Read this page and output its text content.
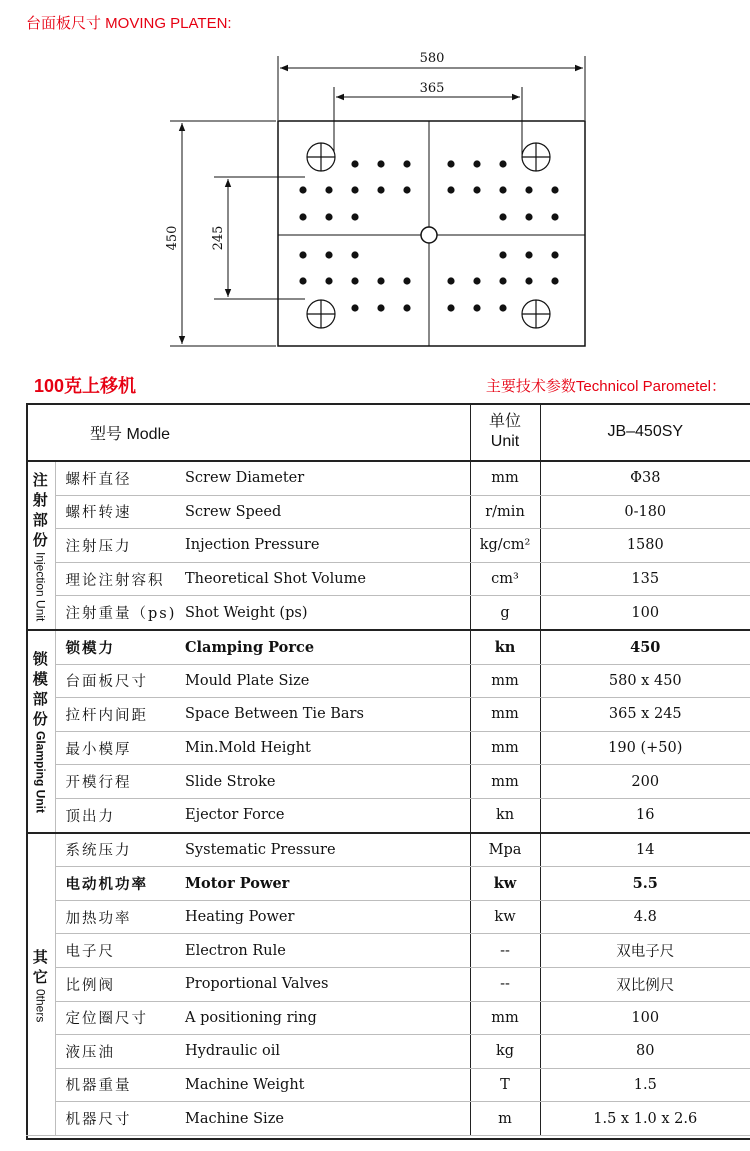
台面板尺寸 MOVING PLATEN:
580
365
450 245
100克上移机	主要技术参数Technicol Parometel：
型号 Modle			单位
Unit	JB–450SY

注
射
部
份
Injection Unit	螺杆直径	Screw Diameter	mm	Φ38
	螺杆转速	Screw Speed	r/min	0-180
	注射压力	Injection Pressure	kg/cm²	1580
	理论注射容积	Theoretical Shot Volume	cm³	135
	注射重量（ps)	Shot Weight (ps)	g	100

锁
模
部
份
Glamping Unit	锁模力	Clamping Porce	kn	450
	台面板尺寸	Mould Plate Size	mm	580 x 450
	拉杆内间距	Space Between Tie Bars	mm	365 x 245
	最小模厚	Min.Mold Height	mm	190 (+50)
	开模行程	Slide Stroke	mm	200
	顶出力	Ejector Force	kn	16

其
它
0thers	系统压力	Systematic Pressure	Mpa	14
	电动机功率	Motor Power	kw	5.5
	加热功率	Heating Power	kw	4.8
	电子尺	Electron Rule	--	双电子尺
	比例阀	Proportional Valves	--	双比例尺
	定位圈尺寸	A positioning ring	mm	100
	液压油	Hydraulic oil	kg	80
	机器重量	Machine Weight	T	1.5
	机器尺寸	Machine Size	m	1.5 x 1.0 x 2.6
